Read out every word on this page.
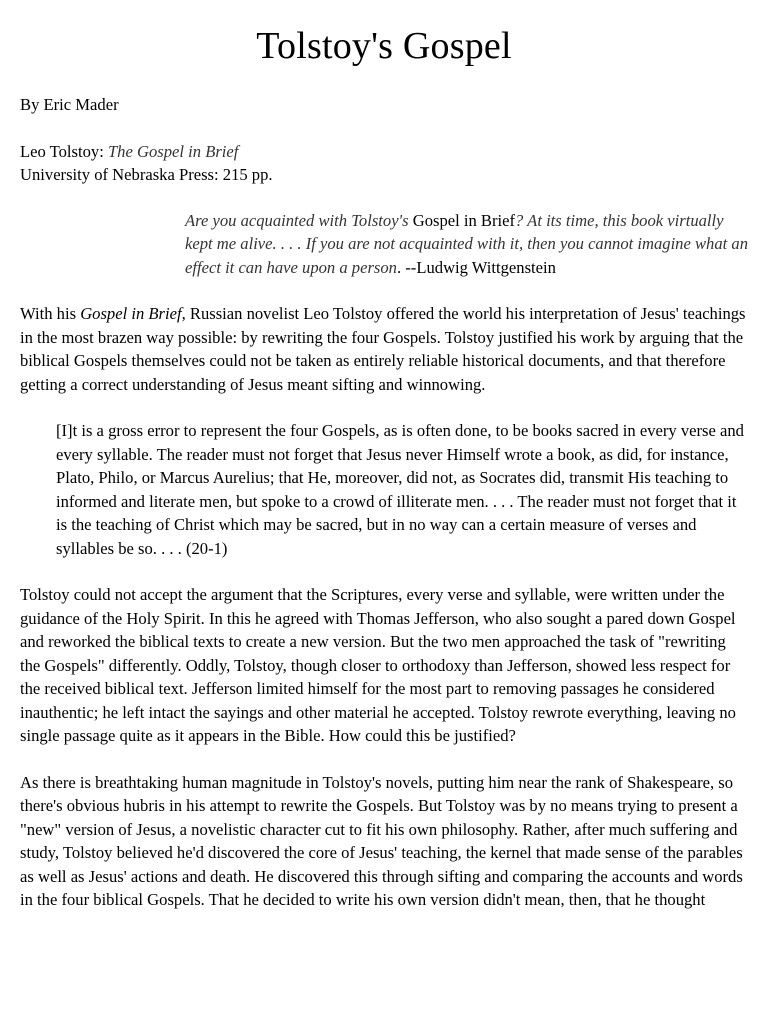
Tolstoy's Gospel

By Eric Mader

Leo Tolstoy: The Gospel in Brief
University of Nebraska Press: 215 pp.

Are you acquainted with Tolstoy's Gospel in Brief? At its time, this book virtually kept me alive. . . . If you are not acquainted with it, then you cannot imagine what an effect it can have upon a person. --Ludwig Wittgenstein

With his Gospel in Brief, Russian novelist Leo Tolstoy offered the world his interpretation of Jesus' teachings in the most brazen way possible: by rewriting the four Gospels. Tolstoy justified his work by arguing that the biblical Gospels themselves could not be taken as entirely reliable historical documents, and that therefore getting a correct understanding of Jesus meant sifting and winnowing.

[I]t is a gross error to represent the four Gospels, as is often done, to be books sacred in every verse and every syllable. The reader must not forget that Jesus never Himself wrote a book, as did, for instance, Plato, Philo, or Marcus Aurelius; that He, moreover, did not, as Socrates did, transmit His teaching to informed and literate men, but spoke to a crowd of illiterate men. . . . The reader must not forget that it is the teaching of Christ which may be sacred, but in no way can a certain measure of verses and syllables be so. . . . (20-1)

Tolstoy could not accept the argument that the Scriptures, every verse and syllable, were written under the guidance of the Holy Spirit. In this he agreed with Thomas Jefferson, who also sought a pared down Gospel and reworked the biblical texts to create a new version. But the two men approached the task of "rewriting the Gospels" differently. Oddly, Tolstoy, though closer to orthodoxy than Jefferson, showed less respect for the received biblical text. Jefferson limited himself for the most part to removing passages he considered inauthentic; he left intact the sayings and other material he accepted. Tolstoy rewrote everything, leaving no single passage quite as it appears in the Bible. How could this be justified?

As there is breathtaking human magnitude in Tolstoy's novels, putting him near the rank of Shakespeare, so there's obvious hubris in his attempt to rewrite the Gospels. But Tolstoy was by no means trying to present a "new" version of Jesus, a novelistic character cut to fit his own philosophy. Rather, after much suffering and study, Tolstoy believed he'd discovered the core of Jesus' teaching, the kernel that made sense of the parables as well as Jesus' actions and death. He discovered this through sifting and comparing the accounts and words in the four biblical Gospels. That he decided to write his own version didn't mean, then, that he thought
